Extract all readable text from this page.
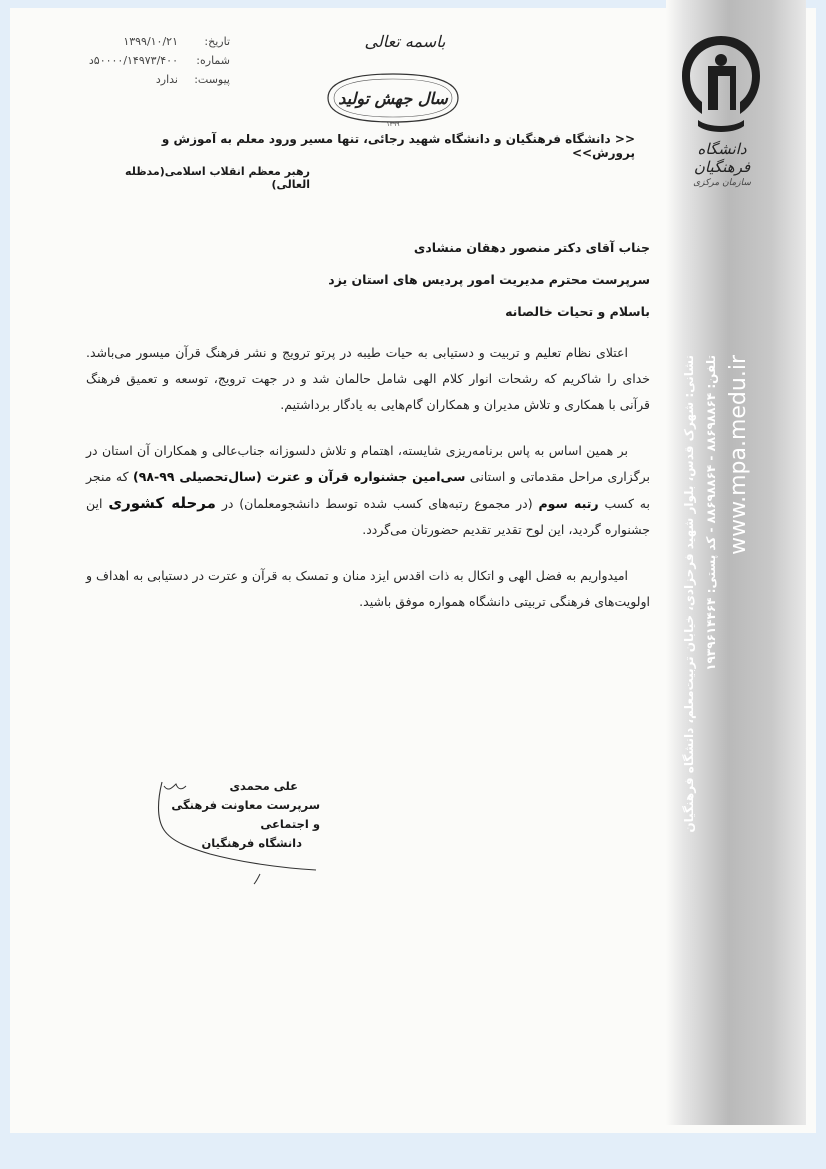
دانشگاه فرهنگیان
سازمان مرکزی
تاریخ:
۱۳۹۹/۱۰/۲۱
شماره:
۵۰۰۰۰/۱۴۹۷۳/۴۰۰د
پیوست:
ندارد
باسمه تعالی
سال جهش تولید
۱۳۹۹
<< دانشگاه فرهنگیان و دانشگاه شهید رجائی، تنها مسیر ورود معلم به آموزش و پرورش>>
رهبر معظم انقلاب اسلامی(مدظله العالی)
جناب آقای دکتر منصور دهقان منشادی
سرپرست محترم مدیریت امور پردیس های استان یزد
باسلام و تحیات خالصانه

اعتلای نظام تعلیم و تربیت و دستیابی به حیات طیبه در پرتو ترویج و نشر فرهنگ قرآن میسور می‌باشد. خدای را شاکریم که رشحات انوار کلام الهی شامل حالمان شد و در جهت ترویج، توسعه و تعمیق فرهنگ قرآنی با همکاری و تلاش مدیران و همکاران گام‌هایی به یادگار برداشتیم.

بر همین اساس به پاس برنامه‌ریزی شایسته، اهتمام و تلاش دلسوزانه جناب‌عالی و همکاران آن استان در برگزاری مراحل مقدماتی و استانی سی‌امین جشنواره قرآن و عترت (سال‌تحصیلی ۹۹-۹۸) که منجر به کسب رتبه سوم (در مجموع رتبه‌های کسب شده توسط دانشجومعلمان) در مرحله کشوری این جشنواره گردید، این لوح تقدیر تقدیم حضورتان می‌گردد.

امیدواریم به فضل الهی و اتکال به ذات اقدس ایزد منان و تمسک به قرآن و عترت در دستیابی به اهداف و اولویت‌های فرهنگی تربیتی دانشگاه همواره موفق باشید.

علی محمدی
سرپرست معاونت فرهنگی و اجتماعی
دانشگاه فرهنگیان
نشانی: شهرک قدس، بلوار شهید فرحزادی، خیابان تربیت‌معلم، دانشگاه فرهنگیان تلفن: ۸۸۶۹۸۸۶۴ - ۸۸۶۹۸۸۶۴ - کد پستی: ۱۹۳۹۶۱۴۴۶۴ www.mpa.medu.ir
